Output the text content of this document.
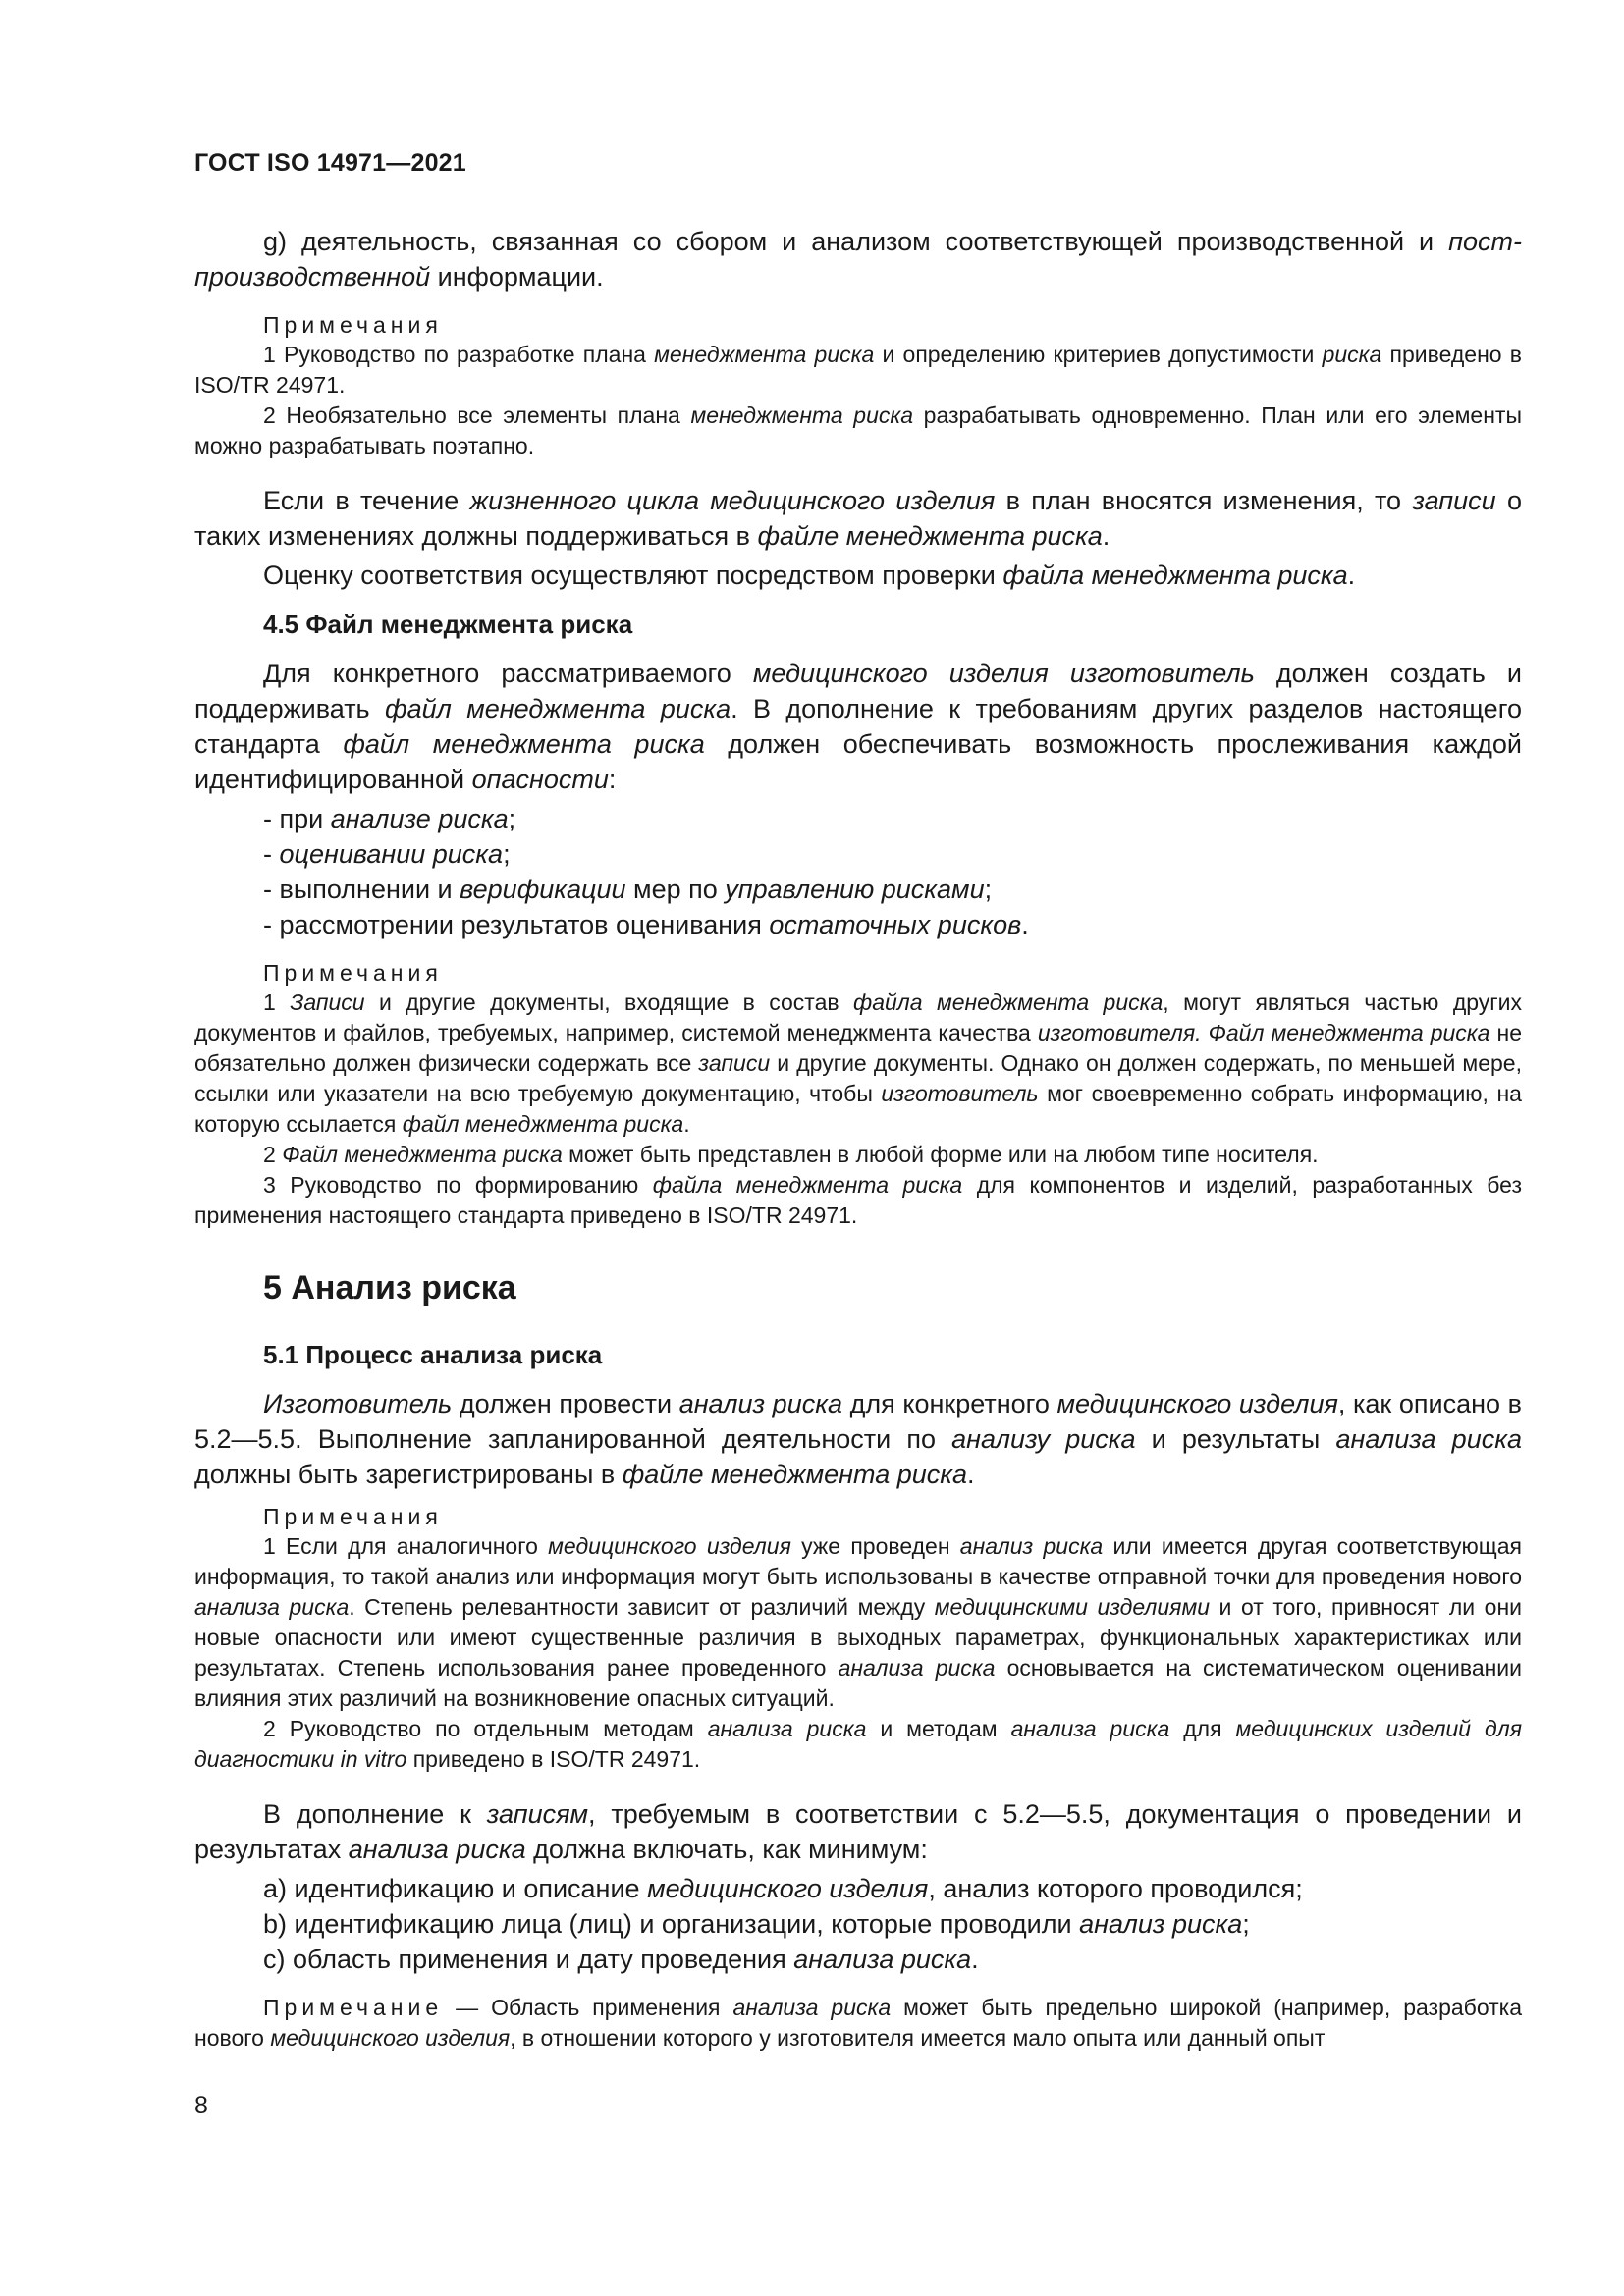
ГОСТ ISO 14971—2021

g) деятельность, связанная со сбором и анализом соответствующей производственной и пост-производственной информации.

Примечания

1 Руководство по разработке плана менеджмента риска и определению критериев допустимости риска приведено в ISO/TR 24971.

2 Необязательно все элементы плана менеджмента риска разрабатывать одновременно. План или его элементы можно разрабатывать поэтапно.

Если в течение жизненного цикла медицинского изделия в план вносятся изменения, то записи о таких изменениях должны поддерживаться в файле менеджмента риска.

Оценку соответствия осуществляют посредством проверки файла менеджмента риска.

4.5 Файл менеджмента риска

Для конкретного рассматриваемого медицинского изделия изготовитель должен создать и поддерживать файл менеджмента риска. В дополнение к требованиям других разделов настоящего стандарта файл менеджмента риска должен обеспечивать возможность прослеживания каждой идентифицированной опасности:

- при анализе риска;
- оценивании риска;
- выполнении и верификации мер по управлению рисками;
- рассмотрении результатов оценивания остаточных рисков.
Примечания

1 Записи и другие документы, входящие в состав файла менеджмента риска, могут являться частью других документов и файлов, требуемых, например, системой менеджмента качества изготовителя. Файл менеджмента риска не обязательно должен физически содержать все записи и другие документы. Однако он должен содержать, по меньшей мере, ссылки или указатели на всю требуемую документацию, чтобы изготовитель мог своевременно собрать информацию, на которую ссылается файл менеджмента риска.

2 Файл менеджмента риска может быть представлен в любой форме или на любом типе носителя.

3 Руководство по формированию файла менеджмента риска для компонентов и изделий, разработанных без применения настоящего стандарта приведено в ISO/TR 24971.

5 Анализ риска
5.1 Процесс анализа риска

Изготовитель должен провести анализ риска для конкретного медицинского изделия, как описано в 5.2—5.5. Выполнение запланированной деятельности по анализу риска и результаты анализа риска должны быть зарегистрированы в файле менеджмента риска.

Примечания

1 Если для аналогичного медицинского изделия уже проведен анализ риска или имеется другая соответствующая информация, то такой анализ или информация могут быть использованы в качестве отправной точки для проведения нового анализа риска. Степень релевантности зависит от различий между медицинскими изделиями и от того, привносят ли они новые опасности или имеют существенные различия в выходных параметрах, функциональных характеристиках или результатах. Степень использования ранее проведенного анализа риска основывается на систематическом оценивании влияния этих различий на возникновение опасных ситуаций.

2 Руководство по отдельным методам анализа риска и методам анализа риска для медицинских изделий для диагностики in vitro приведено в ISO/TR 24971.

В дополнение к записям, требуемым в соответствии с 5.2—5.5, документация о проведении и результатах анализа риска должна включать, как минимум:

a) идентификацию и описание медицинского изделия, анализ которого проводился;
b) идентификацию лица (лиц) и организации, которые проводили анализ риска;
c) область применения и дату проведения анализа риска.

Примечание — Область применения анализа риска может быть предельно широкой (например, разработка нового медицинского изделия, в отношении которого у изготовителя имеется мало опыта или данный опыт

8
